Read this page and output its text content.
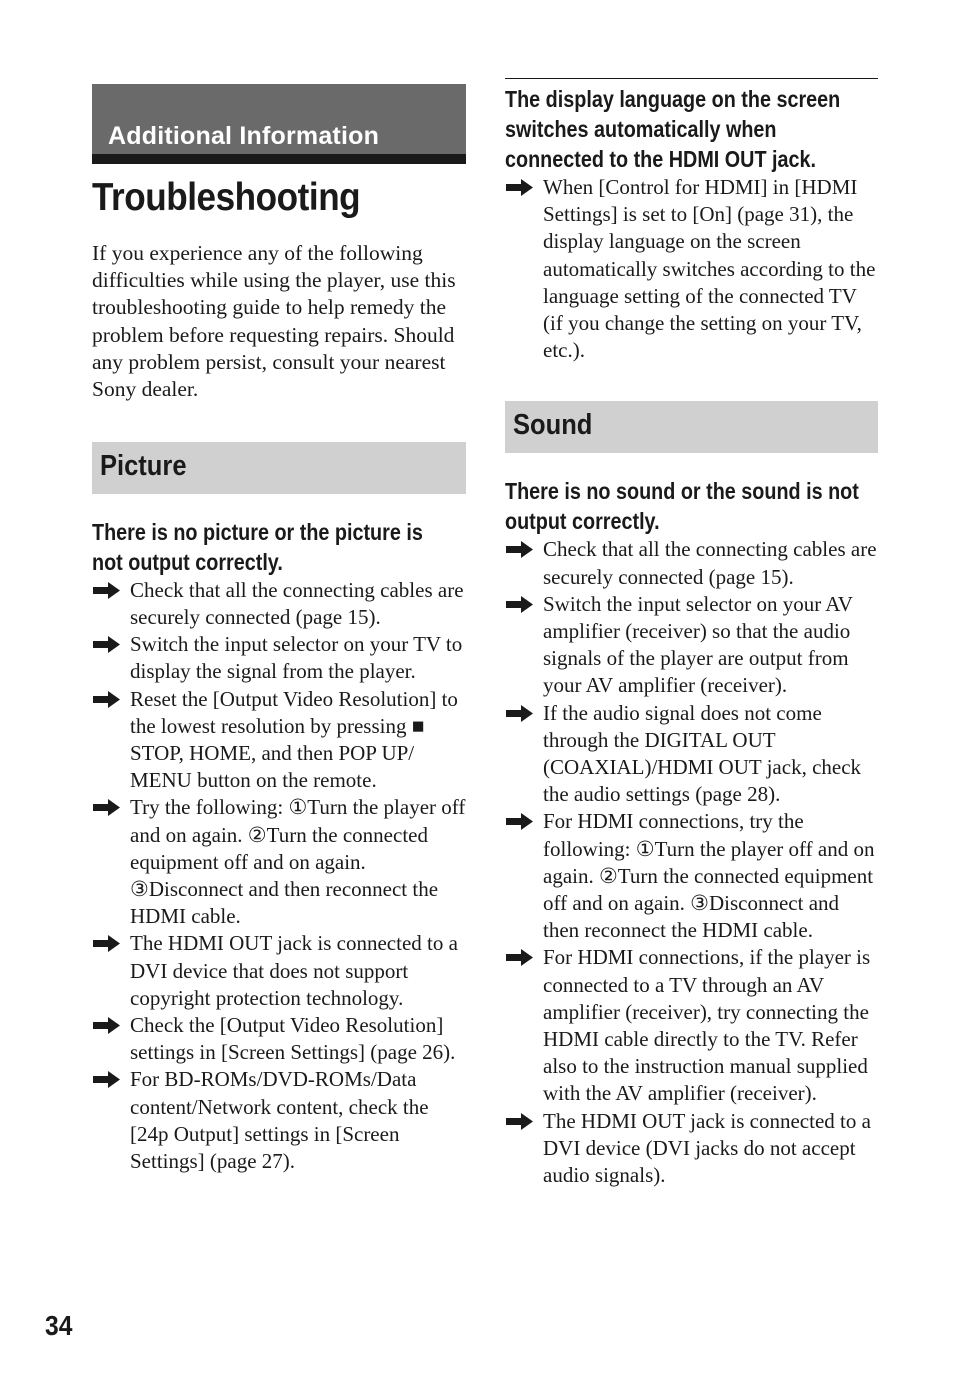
Additional Information
Troubleshooting

If you experience any of the following difficulties while using the player, use this troubleshooting guide to help remedy the problem before requesting repairs. Should any problem persist, consult your nearest Sony dealer.

Picture
There is no picture or the picture is not output correctly.
Check that all the connecting cables are securely connected (page 15).
Switch the input selector on your TV to display the signal from the player.
Reset the [Output Video Resolution] to the lowest resolution by pressing ■ STOP, HOME, and then POP UP/ MENU button on the remote.
Try the following: ①Turn the player off and on again. ②Turn the connected equipment off and on again. ③Disconnect and then reconnect the HDMI cable.
The HDMI OUT jack is connected to a DVI device that does not support copyright protection technology.
Check the [Output Video Resolution] settings in [Screen Settings] (page 26).
For BD-ROMs/DVD-ROMs/Data content/Network content, check the [24p Output] settings in [Screen Settings] (page 27).
The display language on the screen switches automatically when connected to the HDMI OUT jack.
When [Control for HDMI] in [HDMI Settings] is set to [On] (page 31), the display language on the screen automatically switches according to the language setting of the connected TV (if you change the setting on your TV, etc.).
Sound
There is no sound or the sound is not output correctly.
Check that all the connecting cables are securely connected (page 15).
Switch the input selector on your AV amplifier (receiver) so that the audio signals of the player are output from your AV amplifier (receiver).
If the audio signal does not come through the DIGITAL OUT (COAXIAL)/HDMI OUT jack, check the audio settings (page 28).
For HDMI connections, try the following: ①Turn the player off and on again. ②Turn the connected equipment off and on again. ③Disconnect and then reconnect the HDMI cable.
For HDMI connections, if the player is connected to a TV through an AV amplifier (receiver), try connecting the HDMI cable directly to the TV. Refer also to the instruction manual supplied with the AV amplifier (receiver).
The HDMI OUT jack is connected to a DVI device (DVI jacks do not accept audio signals).
34
